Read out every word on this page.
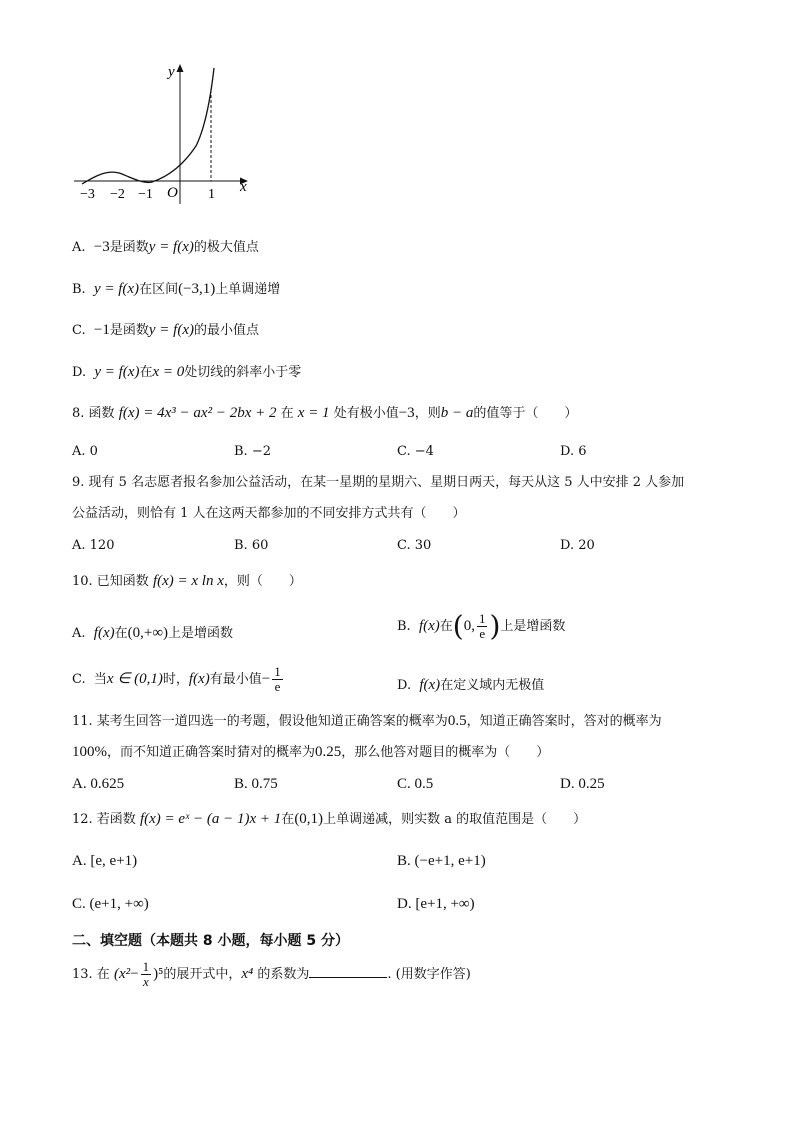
y
x
O
−3 −2 −1	1
A. −3是函数y = f(x)的极大值点
B. y = f(x)在区间(−3,1)上单调递增
C. −1是函数y = f(x)的最小值点
D. y = f(x)在x = 0处切线的斜率小于零
8. 函数 f(x) = 4x³ − ax² − 2bx + 2 在 x = 1 处有极小值−3，则b − a的值等于（　　）
A. 0	B. −2	C. −4	D. 6
9. 现有 5 名志愿者报名参加公益活动，在某一星期的星期六、星期日两天，每天从这 5 人中安排 2 人参加
公益活动，则恰有 1 人在这两天都参加的不同安排方式共有（　　）
A. 120	B. 60	C. 30	D. 20
10. 已知函数 f(x) = x ln x，则（　　）
A. f(x)在(0,+∞)上是增函数	B. f(x)在(0, $\frac{1}{e}$ )上是增函数
C. 当x ∈ (0,1)时，f(x)有最小值− $\frac{1}{e}$	D. f(x)在定义域内无极值
11. 某考生回答一道四选一的考题，假设他知道正确答案的概率为0.5，知道正确答案时，答对的概率为
100%，而不知道正确答案时猜对的概率为0.25，那么他答对题目的概率为（　　）
A. 0.625	B. 0.75	C. 0.5	D. 0.25
12. 若函数 f(x) = eˣ − (a − 1)x + 1在(0,1)上单调递减，则实数 a 的取值范围是（　　）
A. [e, e+1)	B. (−e+1, e+1)
C. (e+1, +∞)	D. [e+1, +∞)
二、填空题（本题共 8 小题，每小题 5 分）
13. 在 $(x^2- \frac{1}{x} )^5$的展开式中，x⁴ 的系数为	. (用数字作答)
